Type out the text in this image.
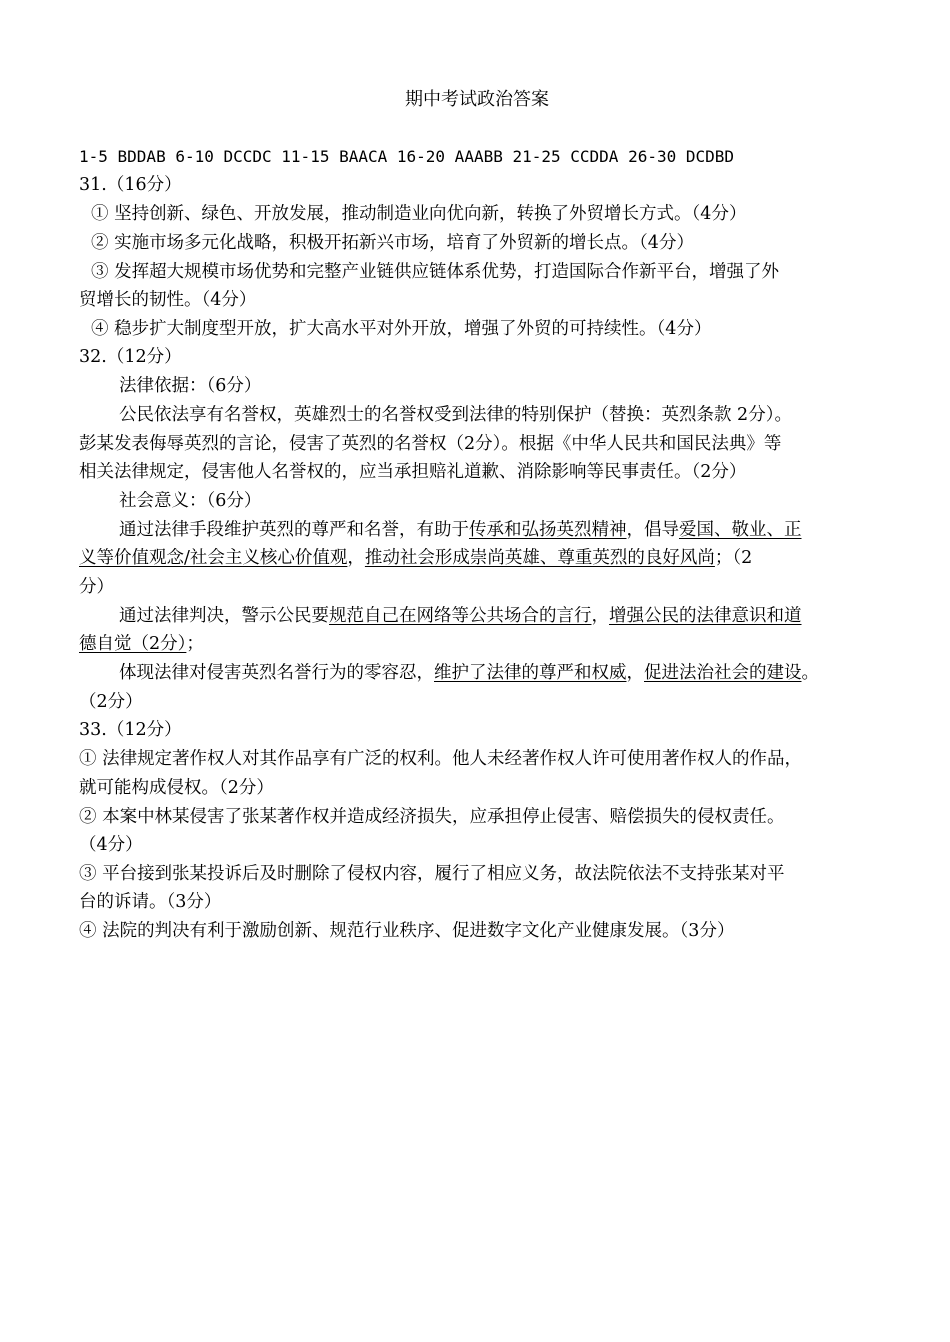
期中考试政治答案
1-5 BDDAB 6-10 DCCDC 11-15 BAACA 16-20 AAABB 21-25 CCDDA 26-30 DCDBD
31.（16分）
① 坚持创新、绿色、开放发展，推动制造业向优向新，转换了外贸增长方式。（4分）
② 实施市场多元化战略，积极开拓新兴市场，培育了外贸新的增长点。（4分）
③ 发挥超大规模市场优势和完整产业链供应链体系优势，打造国际合作新平台，增强了外
贸增长的韧性。（4分）
④ 稳步扩大制度型开放，扩大高水平对外开放，增强了外贸的可持续性。（4分）
32.（12分）
法律依据：（6分）
公民依法享有名誉权，英雄烈士的名誉权受到法律的特别保护（替换：英烈条款 2分）。
彭某发表侮辱英烈的言论，侵害了英烈的名誉权（2分）。根据《中华人民共和国民法典》等
相关法律规定，侵害他人名誉权的，应当承担赔礼道歉、消除影响等民事责任。（2分）
社会意义：（6分）
通过法律手段维护英烈的尊严和名誉，有助于传承和弘扬英烈精神，倡导爱国、敬业、正
义等价值观念/社会主义核心价值观，推动社会形成崇尚英雄、尊重英烈的良好风尚；（2
分）
通过法律判决，警示公民要规范自己在网络等公共场合的言行，增强公民的法律意识和道
德自觉（2分）；
体现法律对侵害英烈名誉行为的零容忍，维护了法律的尊严和权威，促进法治社会的建设。
（2分）
33.（12分）
① 法律规定著作权人对其作品享有广泛的权利。他人未经著作权人许可使用著作权人的作品，
就可能构成侵权。（2分）
② 本案中林某侵害了张某著作权并造成经济损失，应承担停止侵害、赔偿损失的侵权责任。
（4分）
③ 平台接到张某投诉后及时删除了侵权内容，履行了相应义务，故法院依法不支持张某对平
台的诉请。（3分）
④ 法院的判决有利于激励创新、规范行业秩序、促进数字文化产业健康发展。（3分）
